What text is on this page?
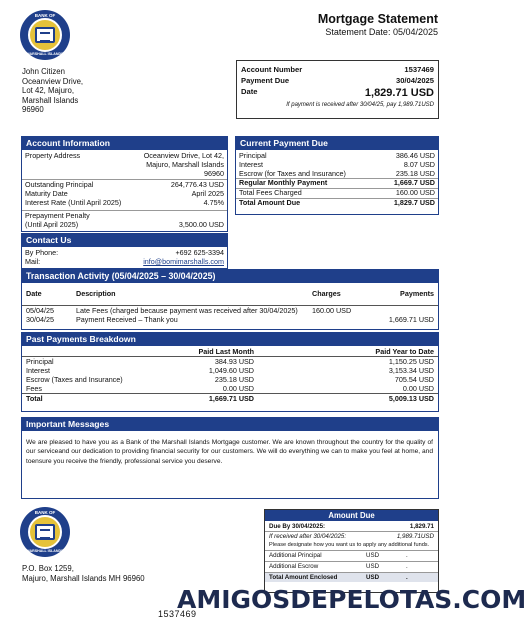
BANK OF
MARSHALL ISLANDS
Mortgage Statement
Statement Date: 05/04/2025
John Citizen
Oceanview Drive,
Lot 42, Majuro,
Marshall Islands
96960
Account Number	1537469
Payment Due	30/04/2025
Date	1,829.71 USD
If payment is received after 30/04/25, pay 1,989.71USD
Account Information
Property Address	Oceanview Drive, Lot 42,
Majuro, Marshall Islands
96960
Outstanding Principal	264,776.43 USD
Maturity Date	April 2025
Interest Rate (Until April 2025)	4.75%
Prepayment Penalty
(Until April 2025)	3,500.00 USD
Contact Us
By Phone:	+692 625-3394
Mail:	info@bomimarshalls.com
Current Payment Due
Principal	386.46 USD
Interest	8.07 USD
Escrow (for Taxes and Insurance)	235.18 USD
Regular Monthly Payment	1,669.7 USD
Total Fees Charged	160.00 USD
Total Amount Due	1,829.7 USD
Transaction Activity (05/04/2025 – 30/04/2025)
Date	Description	Charges	Payments
05/04/25	Late Fees (charged because payment was received after 30/04/2025)	160.00 USD	
30/04/25	Payment Received – Thank you		1,669.71 USD
Past Payments Breakdown
	Paid Last Month	Paid Year to Date
Principal	384.93 USD	1,150.25 USD
Interest	1,049.60 USD	3,153.34 USD
Escrow (Taxes and Insurance)	235.18 USD	705.54 USD
Fees	0.00 USD	0.00 USD
Total	1,669.71 USD	5,009.13 USD
Important Messages
We are pleased to have you as a Bank of the Marshall Islands Mortgage customer. We are known throughout the country for the quality of our serviceand our dedication to providing financial security for our customers. We will do everything we can to make you feel at home, and toensure you receive the friendly, professional service you deserve.
BANK OF
MARSHALL ISLANDS
P.O. Box 1259,
Majuro, Marshall Islands MH 96960
Amount Due
Due By 30/04/2025:	1,829.71
If received after 30/04/2025:	1,989.71USD
Please designate how you want us to apply any additional funds.
Additional Principal	USD	.
Additional Escrow	USD	.
Total Amount Enclosed	USD	.
1537469
AMIGOSDEPELOTAS.COM
